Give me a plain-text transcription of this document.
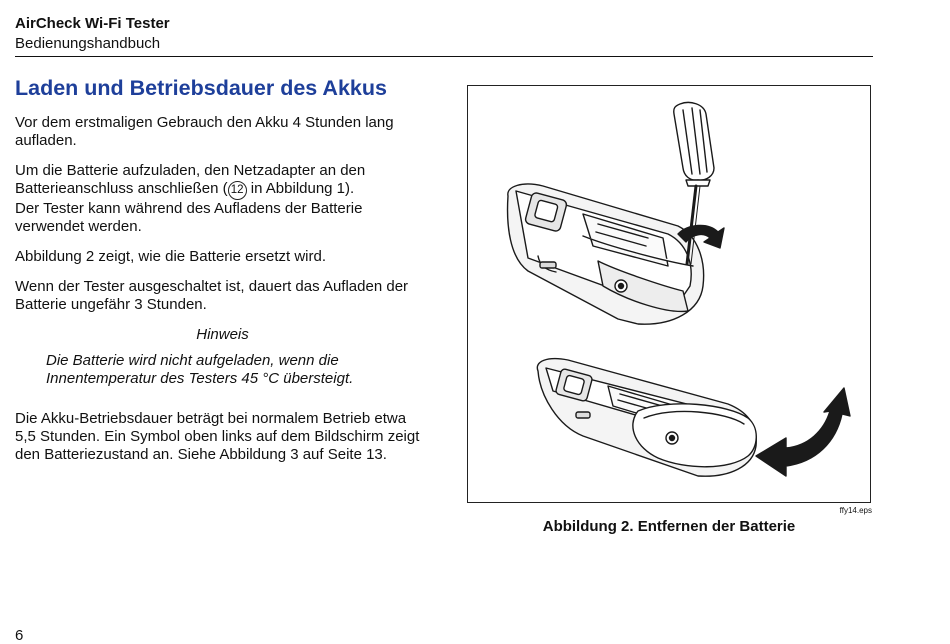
AirCheck Wi-Fi Tester
Bedienungshandbuch
Laden und Betriebsdauer des Akkus

Vor dem erstmaligen Gebrauch den Akku 4 Stunden lang aufladen.

Um die Batterie aufzuladen, den Netzadapter an den Batterieanschluss anschließen ( 12 in Abbildung 1).
Der Tester kann während des Aufladens der Batterie verwendet werden.

Abbildung 2 zeigt, wie die Batterie ersetzt wird.

Wenn der Tester ausgeschaltet ist, dauert das Aufladen der Batterie ungefähr 3 Stunden.

Hinweis
Die Batterie wird nicht aufgeladen, wenn die Innentemperatur des Testers 45 °C übersteigt.

Die Akku-Betriebsdauer beträgt bei normalem Betrieb etwa 5,5 Stunden. Ein Symbol oben links auf dem Bildschirm zeigt den Batteriezustand an. Siehe Abbildung 3 auf Seite 13.

ffy14.eps
Abbildung 2. Entfernen der Batterie
6
